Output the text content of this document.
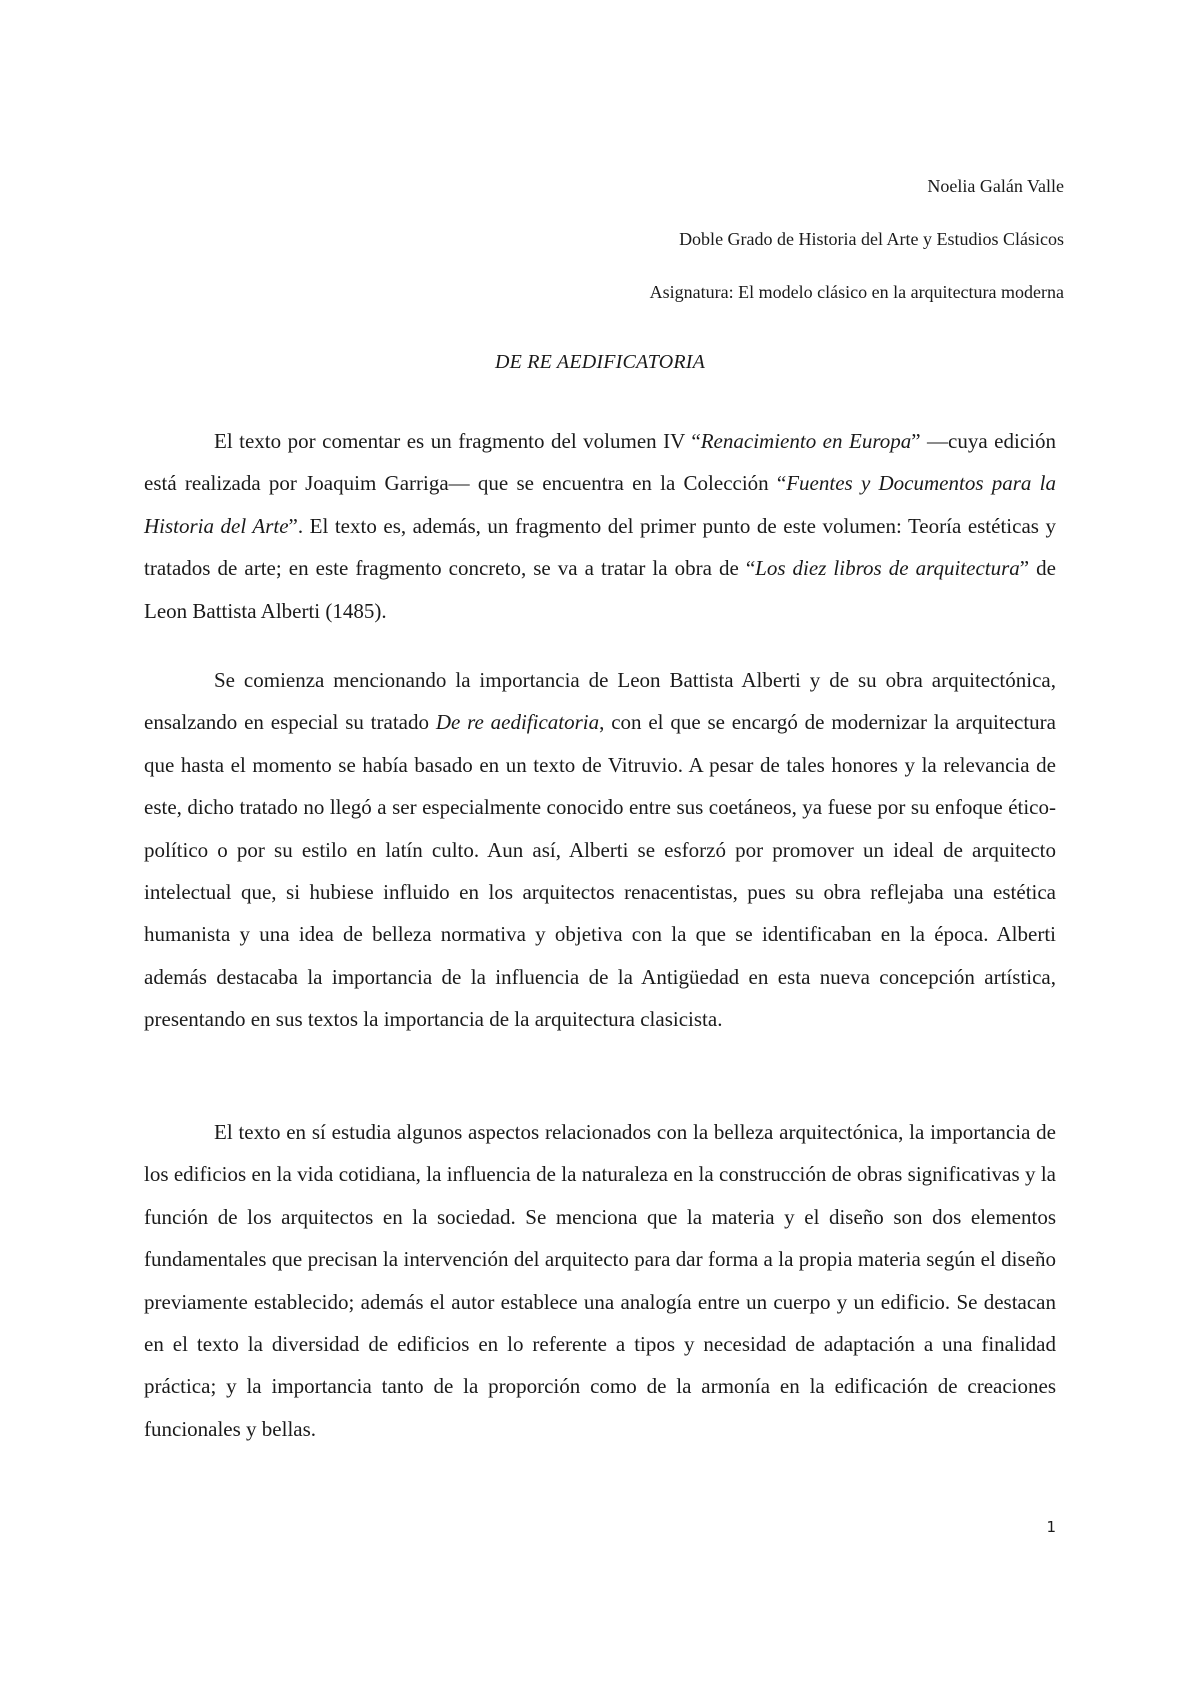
Noelia Galán Valle
Doble Grado de Historia del Arte y Estudios Clásicos
Asignatura: El modelo clásico en la arquitectura moderna
DE RE AEDIFICATORIA

El texto por comentar es un fragmento del volumen IV “Renacimiento en Europa” —cuya edición está realizada por Joaquim Garriga— que se encuentra en la Colección “Fuentes y Documentos para la Historia del Arte”. El texto es, además, un fragmento del primer punto de este volumen: Teoría estéticas y tratados de arte; en este fragmento concreto, se va a tratar la obra de “Los diez libros de arquitectura” de Leon Battista Alberti (1485).

Se comienza mencionando la importancia de Leon Battista Alberti y de su obra arquitectónica, ensalzando en especial su tratado De re aedificatoria, con el que se encargó de modernizar la arquitectura que hasta el momento se había basado en un texto de Vitruvio. A pesar de tales honores y la relevancia de este, dicho tratado no llegó a ser especialmente conocido entre sus coetáneos, ya fuese por su enfoque ético-político o por su estilo en latín culto. Aun así, Alberti se esforzó por promover un ideal de arquitecto intelectual que, si hubiese influido en los arquitectos renacentistas, pues su obra reflejaba una estética humanista y una idea de belleza normativa y objetiva con la que se identificaban en la época. Alberti además destacaba la importancia de la influencia de la Antigüedad en esta nueva concepción artística, presentando en sus textos la importancia de la arquitectura clasicista.

El texto en sí estudia algunos aspectos relacionados con la belleza arquitectónica, la importancia de los edificios en la vida cotidiana, la influencia de la naturaleza en la construcción de obras significativas y la función de los arquitectos en la sociedad. Se menciona que la materia y el diseño son dos elementos fundamentales que precisan la intervención del arquitecto para dar forma a la propia materia según el diseño previamente establecido; además el autor establece una analogía entre un cuerpo y un edificio. Se destacan en el texto la diversidad de edificios en lo referente a tipos y necesidad de adaptación a una finalidad práctica; y la importancia tanto de la proporción como de la armonía en la edificación de creaciones funcionales y bellas.

1
